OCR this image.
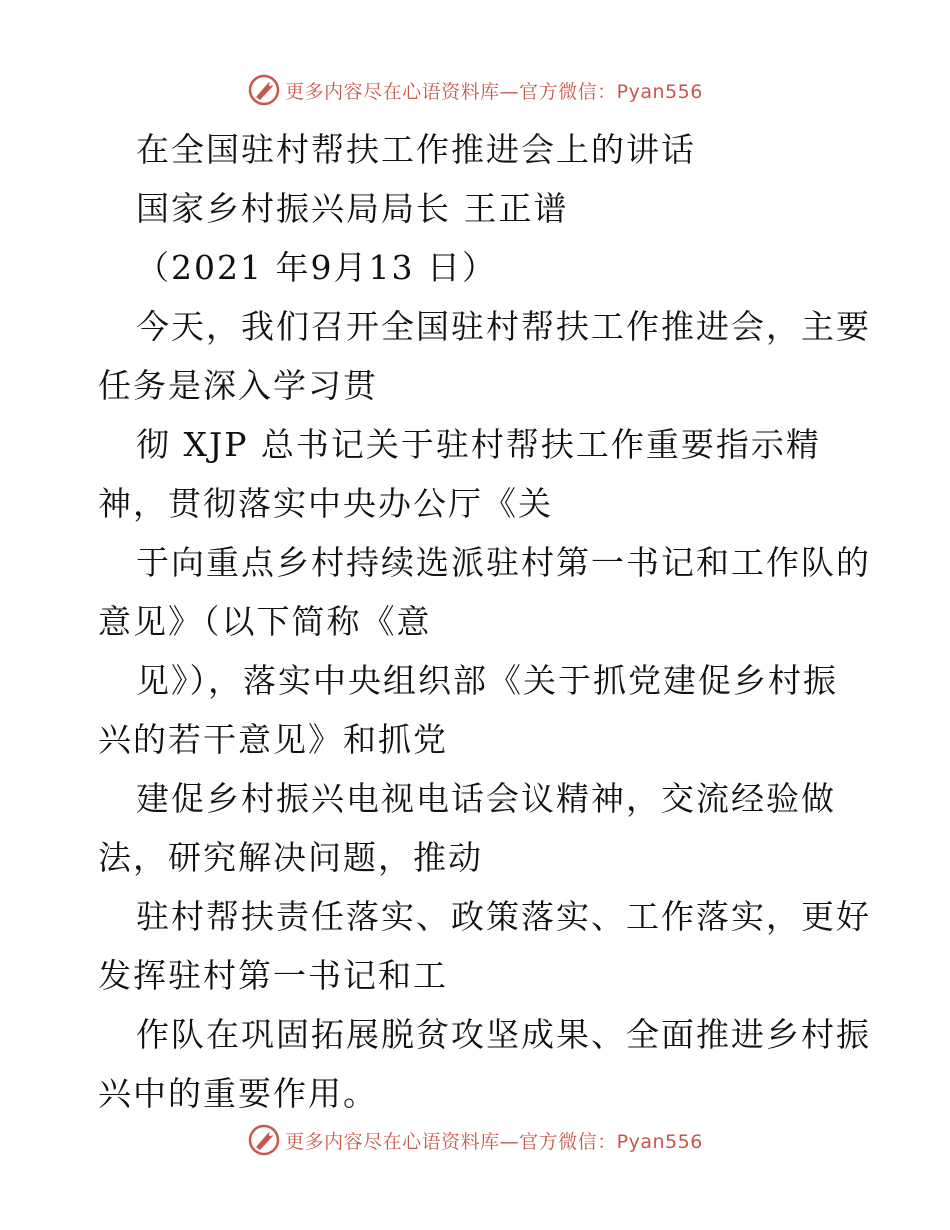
更多内容尽在心语资料库—官方微信：Pyan556
在全国驻村帮扶工作推进会上的讲话
国家乡村振兴局局长 王正谱
（2021 年9月13 日）
今天，我们召开全国驻村帮扶工作推进会，主要
任务是深入学习贯
彻 XJP 总书记关于驻村帮扶工作重要指示精
神，贯彻落实中央办公厅《关
于向重点乡村持续选派驻村第一书记和工作队的
意见》（以下简称《意
见》），落实中央组织部《关于抓党建促乡村振
兴的若干意见》和抓党
建促乡村振兴电视电话会议精神，交流经验做
法，研究解决问题，推动
驻村帮扶责任落实、政策落实、工作落实，更好
发挥驻村第一书记和工
作队在巩固拓展脱贫攻坚成果、全面推进乡村振
兴中的重要作用。
更多内容尽在心语资料库—官方微信：Pyan556
